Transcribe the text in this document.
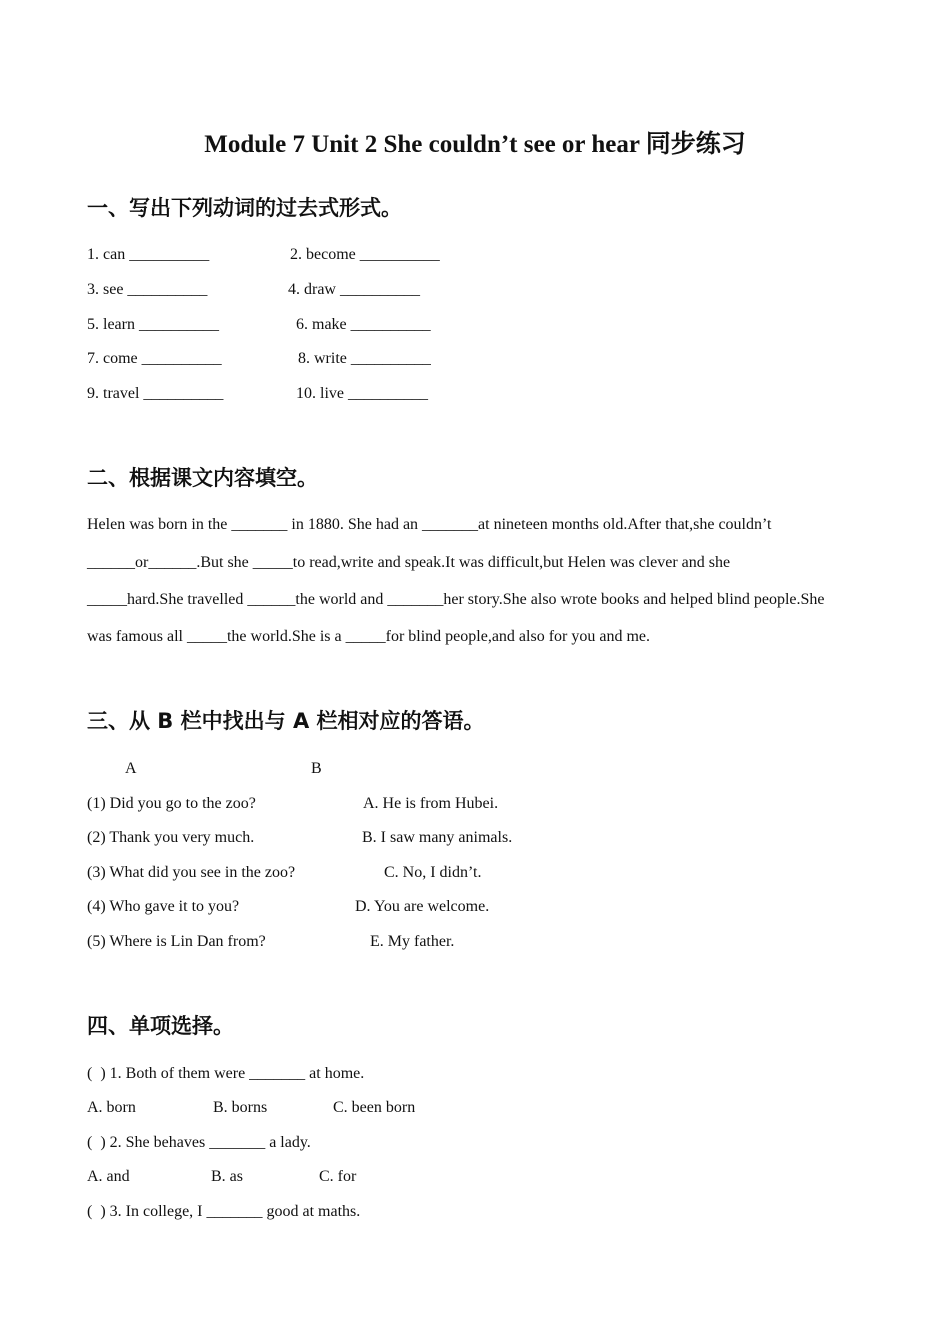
Module 7 Unit 2 She couldn’t see or hear 同步练习
一、写出下列动词的过去式形式。
1. can __________	2. become __________
3. see __________	4. draw __________
5. learn __________	6. make __________
7. come __________	8. write __________
9. travel __________	10. live __________
二、根据课文内容填空。
Helen was born in the _______ in 1880. She had an _______at nineteen months old.After that,she couldn’t
______or______.But she _____to read,write and speak.It was difficult,but Helen was clever and she
_____hard.She travelled ______the world and _______her story.She also wrote books and helped blind people.She
was famous all _____the world.She is a _____for blind people,and also for you and me.
三、从 B 栏中找出与 A 栏相对应的答语。
A	B
(1) Did you go to the zoo?	A. He is from Hubei.
(2) Thank you very much.	B. I saw many animals.
(3) What did you see in the zoo?	C. No, I didn’t.
(4) Who gave it to you?	D. You are welcome.
(5) Where is Lin Dan from?	E. My father.
四、单项选择。
(  ) 1. Both of them were _______ at home.
A. born	B. borns	C. been born
(  ) 2. She behaves _______ a lady.
A. and	B. as	C. for
(  ) 3. In college, I _______ good at maths.
